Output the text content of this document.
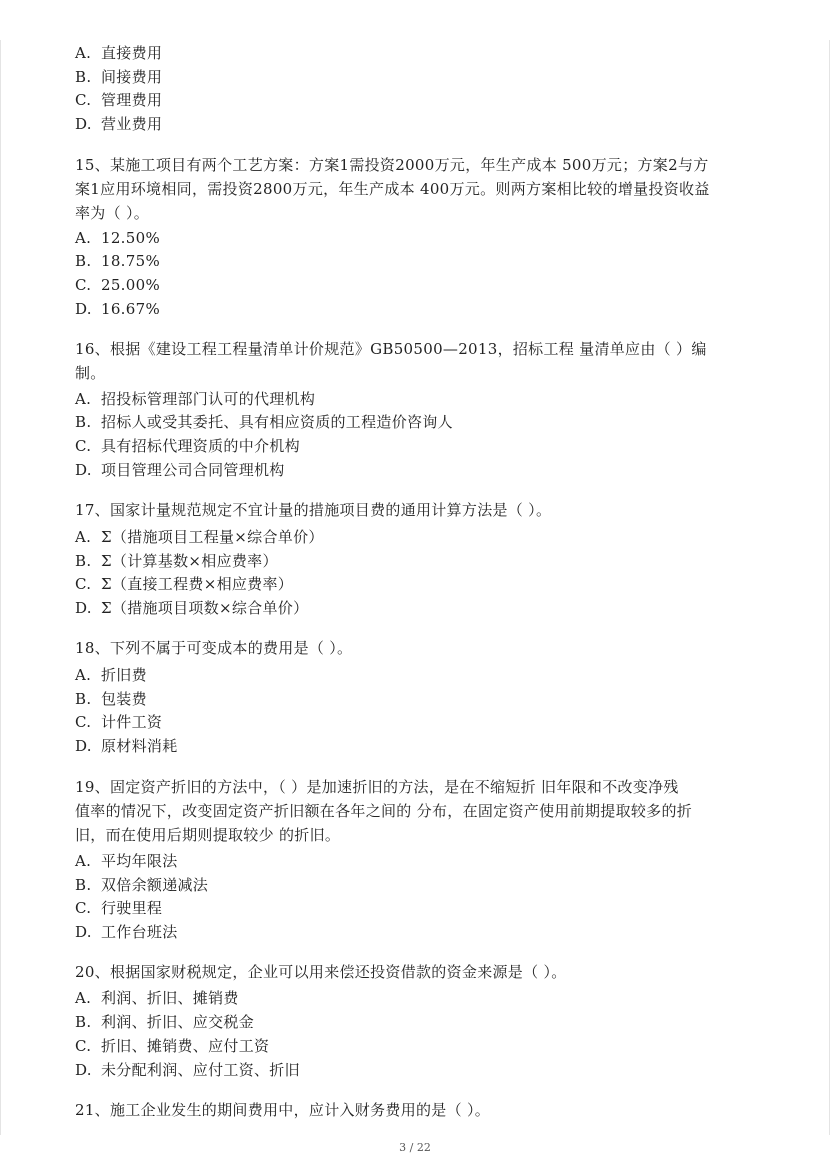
A. 直接费用
B. 间接费用
C. 管理费用
D. 营业费用
15、某施工项目有两个工艺方案：方案1需投资2000万元，年生产成本 500万元；方案2与方
案1应用环境相同，需投资2800万元，年生产成本 400万元。则两方案相比较的增量投资收益
率为（ ）。
A. 12.50%
B. 18.75%
C. 25.00%
D. 16.67%
16、根据《建设工程工程量清单计价规范》GB50500—2013，招标工程 量清单应由（ ）编
制。
A. 招投标管理部门认可的代理机构
B. 招标人或受其委托、具有相应资质的工程造价咨询人
C. 具有招标代理资质的中介机构
D. 项目管理公司合同管理机构
17、国家计量规范规定不宜计量的措施项目费的通用计算方法是（ ）。
A. Σ（措施项目工程量×综合单价）
B. Σ（计算基数×相应费率）
C. Σ（直接工程费×相应费率）
D. Σ（措施项目项数×综合单价）
18、下列不属于可变成本的费用是（ ）。
A. 折旧费
B. 包装费
C. 计件工资
D. 原材料消耗
19、固定资产折旧的方法中，（ ）是加速折旧的方法，是在不缩短折 旧年限和不改变净残
值率的情况下，改变固定资产折旧额在各年之间的 分布，在固定资产使用前期提取较多的折
旧，而在使用后期则提取较少 的折旧。
A. 平均年限法
B. 双倍余额递减法
C. 行驶里程
D. 工作台班法
20、根据国家财税规定，企业可以用来偿还投资借款的资金来源是（ ）。
A. 利润、折旧、摊销费
B. 利润、折旧、应交税金
C. 折旧、摊销费、应付工资
D. 未分配利润、应付工资、折旧
21、施工企业发生的期间费用中，应计入财务费用的是（ ）。
3 / 22
